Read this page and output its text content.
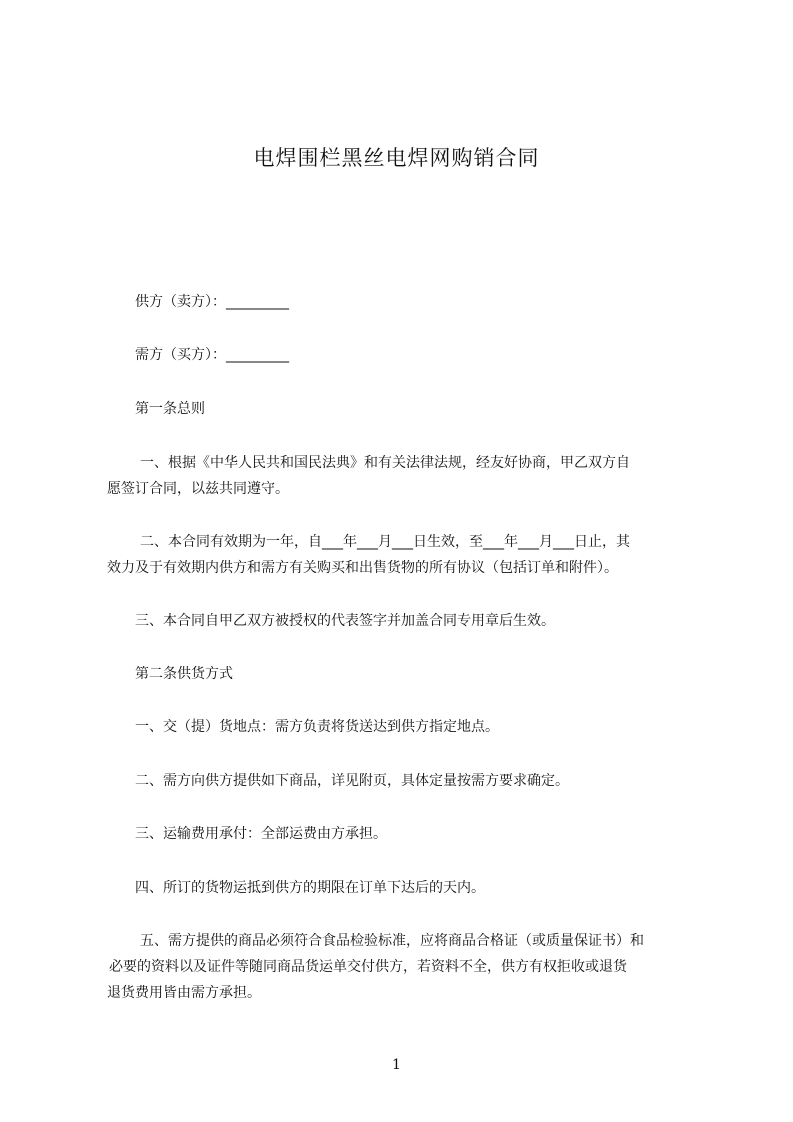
电焊围栏黑丝电焊网购销合同
供方（卖方）：_________
需方（买方）：_________
第一条总则
一、根据《中华人民共和国民法典》和有关法律法规，经友好协商，甲乙双方自
愿签订合同，以兹共同遵守。
二、本合同有效期为一年，自___年___月___日生效，至___年___月___日止，其
效力及于有效期内供方和需方有关购买和出售货物的所有协议（包括订单和附件）。
三、本合同自甲乙双方被授权的代表签字并加盖合同专用章后生效。
第二条供货方式
一、交（提）货地点：需方负责将货送达到供方指定地点。
二、需方向供方提供如下商品，详见附页，具体定量按需方要求确定。
三、运输费用承付：全部运费由方承担。
四、所订的货物运抵到供方的期限在订单下达后的天内。
五、需方提供的商品必须符合食品检验标准，应将商品合格证（或质量保证书）和
必要的资料以及证件等随同商品货运单交付供方，若资料不全，供方有权拒收或退货
退货费用皆由需方承担。
1
